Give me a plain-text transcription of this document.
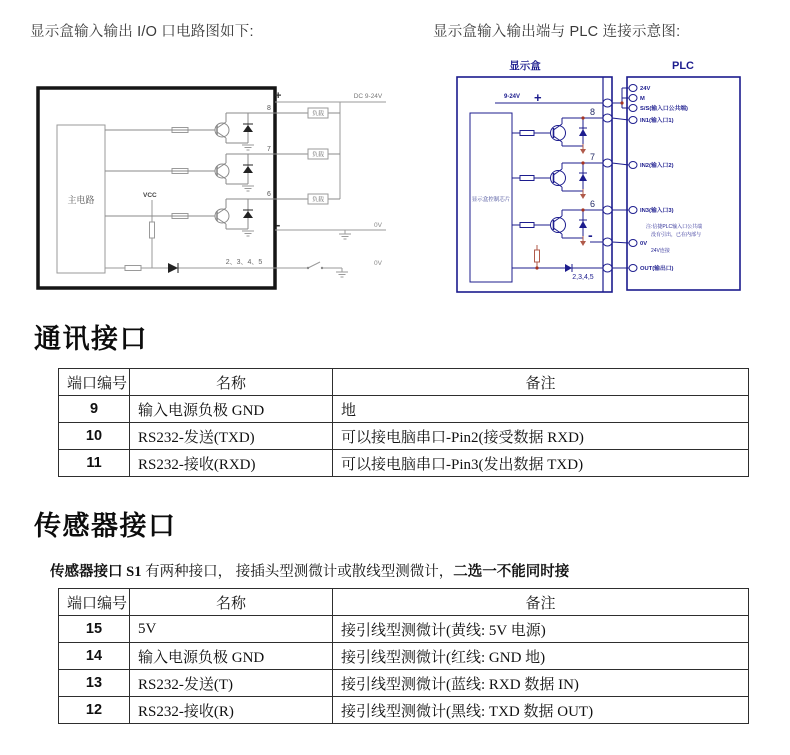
显示盒输入输出 I/O 口电路图如下:	显示盒输入输出端与 PLC 连接示意图:
主电路
负载
8
负载
7
负载
6
+	DC 9-24V
-	0V
0V
VCC
2、3、4、5
显示盒	PLC
显示盒控制芯片
8
7
6
2,3,4,5
9-24V +
-
24V
M
S/S(输入口公共端)
IN1(输入口1)
IN2(输入口2)
IN3(输入口3)
0V
OUT(输出口)
注:信捷PLC输入口公共端
没有引出，已在内部与
24V连接
通讯接口
端口编号	名称	备注
9	输入电源负极 GND	地
10	RS232-发送(TXD)	可以接电脑串口-Pin2(接受数据 RXD)
11	RS232-接收(RXD)	可以接电脑串口-Pin3(发出数据 TXD)
传感器接口
传感器接口 S1 有两种接口， 接插头型测微计或散线型测微计，二选一不能同时接
端口编号	名称	备注
15	5V	接引线型测微计(黄线: 5V 电源)
14	输入电源负极 GND	接引线型测微计(红线: GND 地)
13	RS232-发送(T)	接引线型测微计(蓝线: RXD 数据 IN)
12	RS232-接收(R)	接引线型测微计(黑线: TXD 数据 OUT)
